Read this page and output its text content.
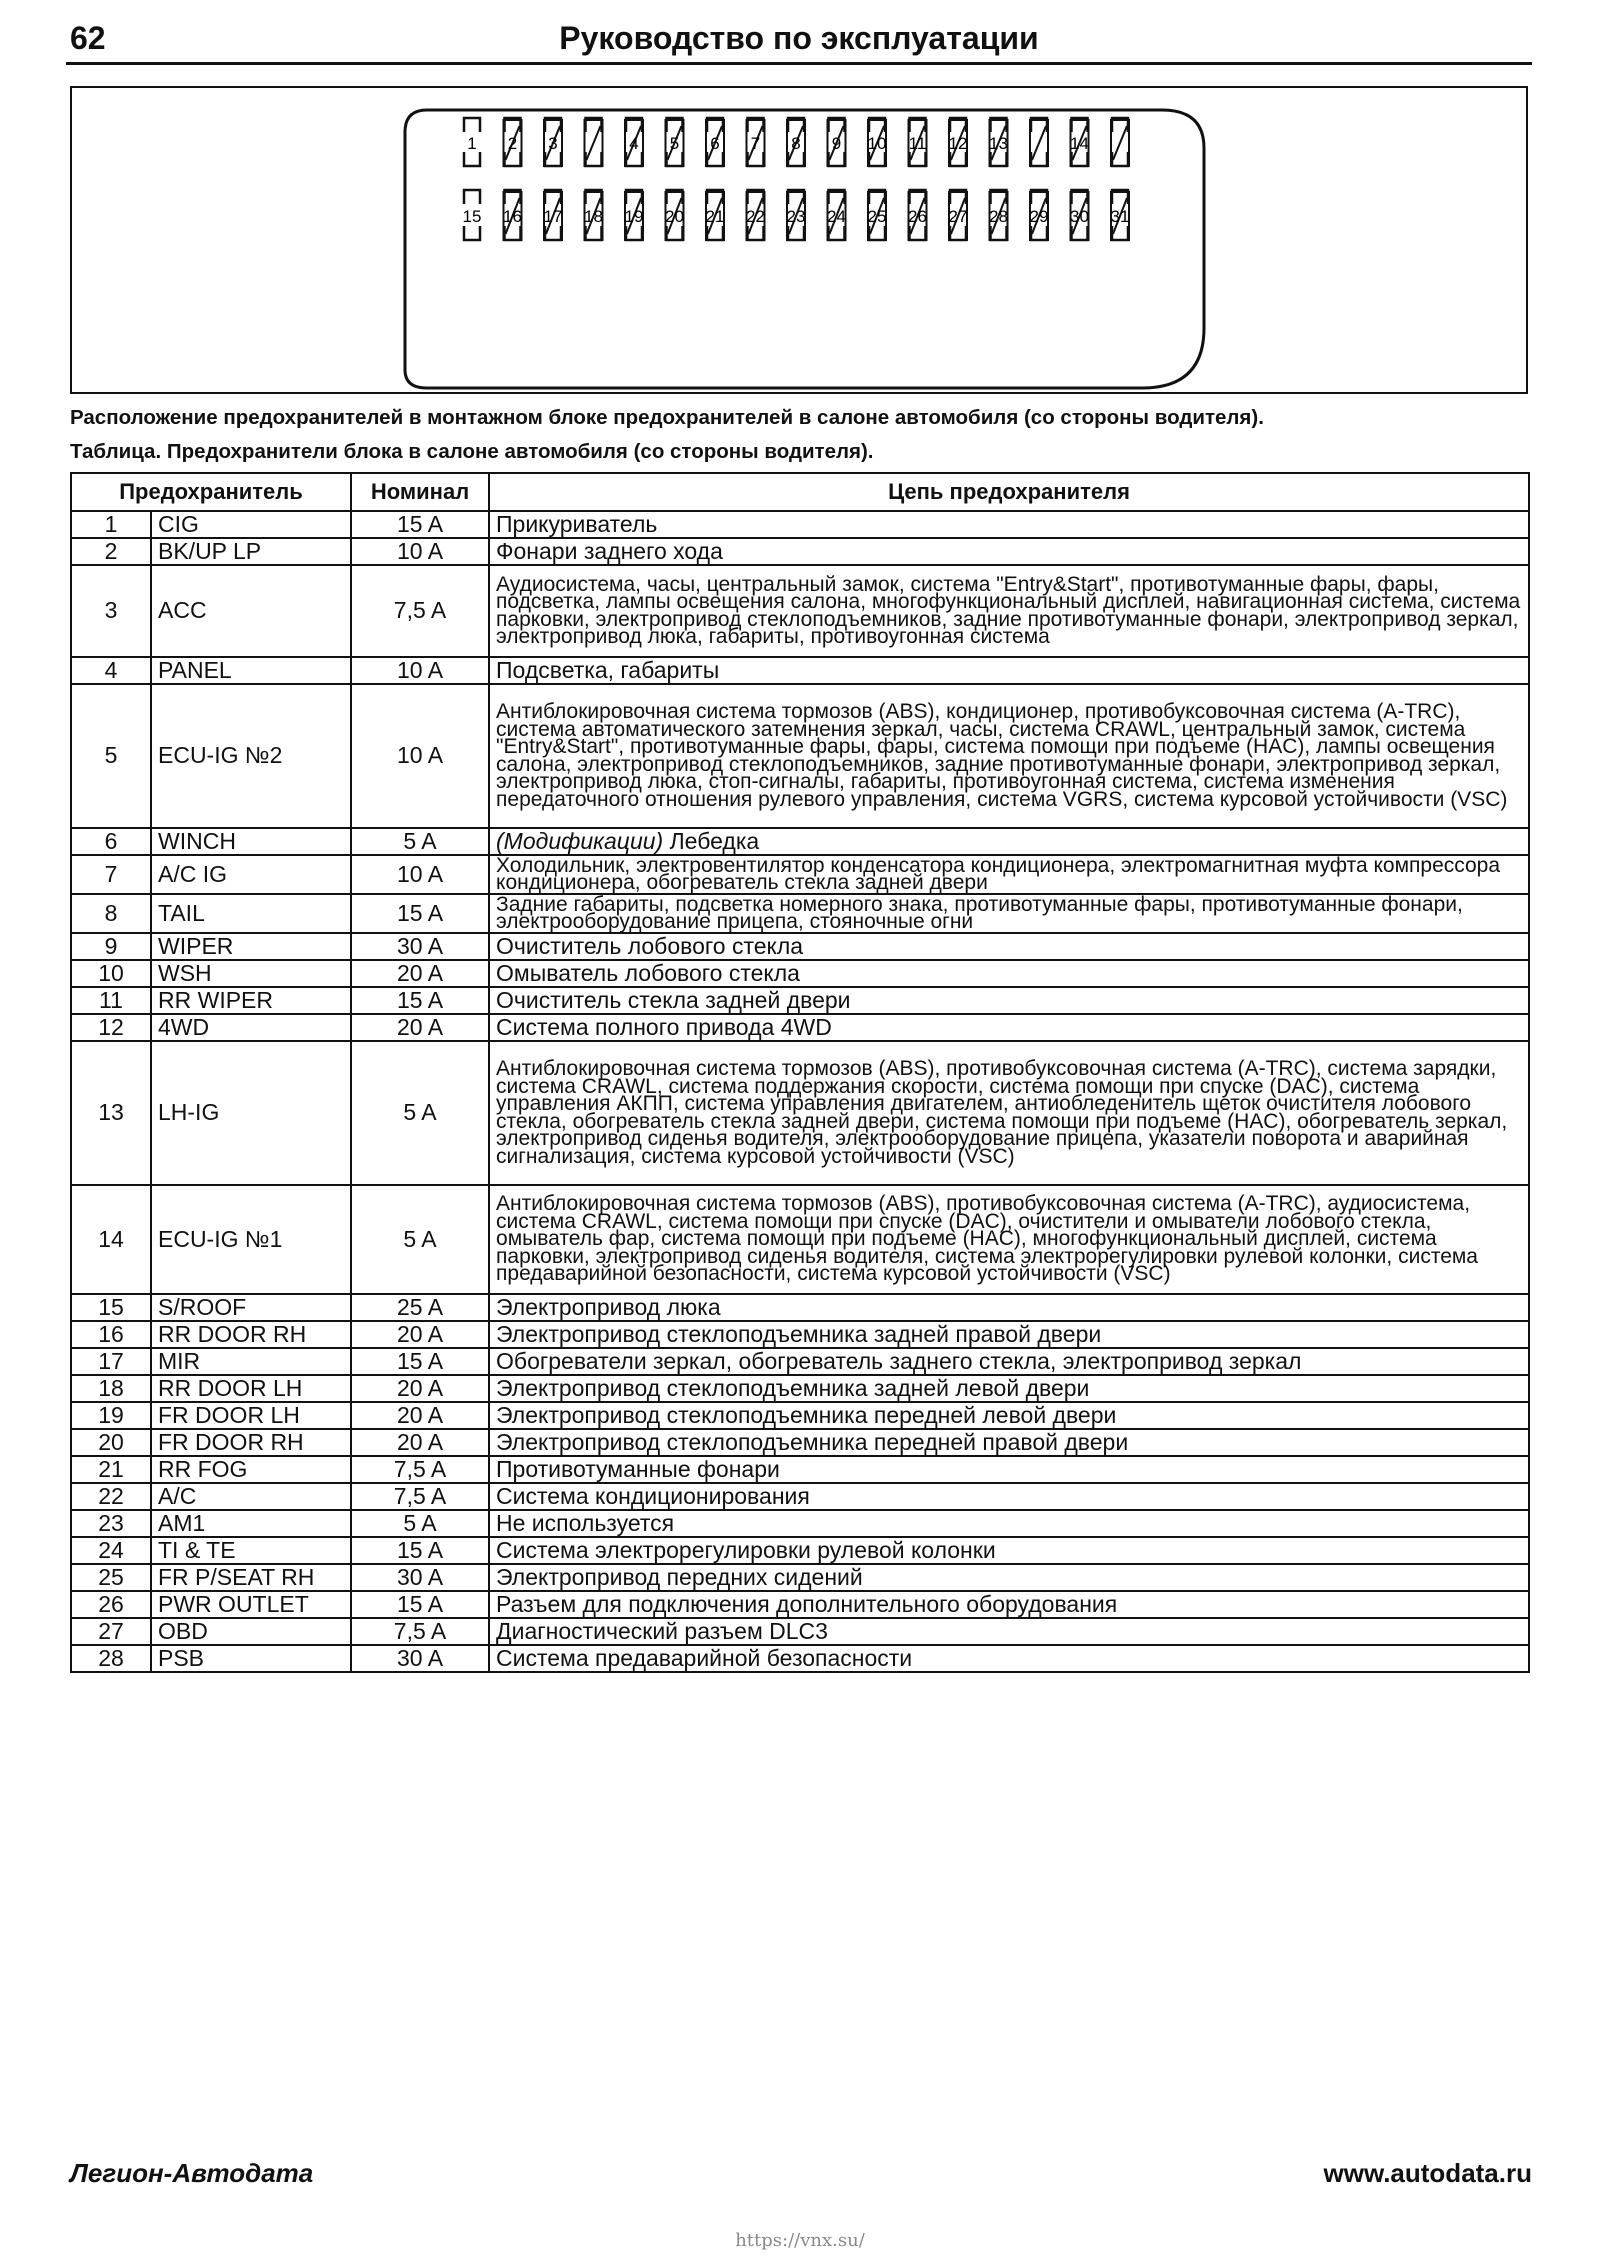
62	Руководство по эксплуатации
1 2 3	4 5 6 7 8 9 10 11 12 13	14
15 16 17 18 19 20 21 22 23 24 25 26 27 28 29 30 31
Расположение предохранителей в монтажном блоке предохранителей в салоне автомобиля (со стороны водителя).
Таблица. Предохранители блока в салоне автомобиля (со стороны водителя).
Предохранитель		Номинал	Цепь предохранителя
1	CIG	15 A	Прикуриватель
2	BK/UP LP	10 A	Фонари заднего хода
3	ACC	7,5 A	Аудиосистема, часы, центральный замок, система "Entry&Start", противотуманные фары, фары, подсветка, лампы освещения салона, многофункциональный дисплей, навигационная система, система парковки, электропривод стеклоподъемников, задние противотуманные фонари, электропривод зеркал, электропривод люка, габариты, противоугонная система
4	PANEL	10 A	Подсветка, габариты
5	ECU-IG №2	10 A	Антиблокировочная система тормозов (ABS), кондиционер, противобуксовочная система (A-TRC), система автоматического затемнения зеркал, часы, система CRAWL, центральный замок, система "Entry&Start", противотуманные фары, фары, система помощи при подъеме (HAC), лампы освещения салона, электропривод стеклоподъемников, задние противотуманные фонари, электропривод зеркал, электропривод люка, стоп-сигналы, габариты, противоугонная система, система изменения передаточного отношения рулевого управления, система VGRS, система курсовой устойчивости (VSC)
6	WINCH	5 A	(Модификации) Лебедка
7	A/C IG	10 A	Холодильник, электровентилятор конденсатора кондиционера, электромагнитная муфта компрессора кондиционера, обогреватель стекла задней двери
8	TAIL	15 A	Задние габариты, подсветка номерного знака, противотуманные фары, противотуманные фонари, электрооборудование прицепа, стояночные огни
9	WIPER	30 A	Очиститель лобового стекла
10	WSH	20 A	Омыватель лобового стекла
11	RR WIPER	15 A	Очиститель стекла задней двери
12	4WD	20 A	Система полного привода 4WD
13	LH-IG	5 A	Антиблокировочная система тормозов (ABS), противобуксовочная система (A-TRC), система зарядки, система CRAWL, система поддержания скорости, система помощи при спуске (DAC), система управления АКПП, система управления двигателем, антиобледенитель щеток очистителя лобового стекла, обогреватель стекла задней двери, система помощи при подъеме (HAC), обогреватель зеркал, электропривод сиденья водителя, электрооборудование прицепа, указатели поворота и аварийная сигнализация, система курсовой устойчивости (VSC)
14	ECU-IG №1	5 A	Антиблокировочная система тормозов (ABS), противобуксовочная система (A-TRC), аудиосистема, система CRAWL, система помощи при спуске (DAC), очистители и омыватели лобового стекла, омыватель фар, система помощи при подъеме (HAC), многофункциональный дисплей, система парковки, электропривод сиденья водителя, система электрорегулировки рулевой колонки, система предаварийной безопасности, система курсовой устойчивости (VSC)
15	S/ROOF	25 A	Электропривод люка
16	RR DOOR RH	20 A	Электропривод стеклоподъемника задней правой двери
17	MIR	15 A	Обогреватели зеркал, обогреватель заднего стекла, электропривод зеркал
18	RR DOOR LH	20 A	Электропривод стеклоподъемника задней левой двери
19	FR DOOR LH	20 A	Электропривод стеклоподъемника передней левой двери
20	FR DOOR RH	20 A	Электропривод стеклоподъемника передней правой двери
21	RR FOG	7,5 A	Противотуманные фонари
22	A/C	7,5 A	Система кондиционирования
23	AM1	5 A	Не используется
24	TI & TE	15 A	Система электрорегулировки рулевой колонки
25	FR P/SEAT RH	30 A	Электропривод передних сидений
26	PWR OUTLET	15 A	Разъем для подключения дополнительного оборудования
27	OBD	7,5 A	Диагностический разъем DLC3
28	PSB	30 A	Система предаварийной безопасности
Легион-Автодата	www.autodata.ru
https://vnx.su/
